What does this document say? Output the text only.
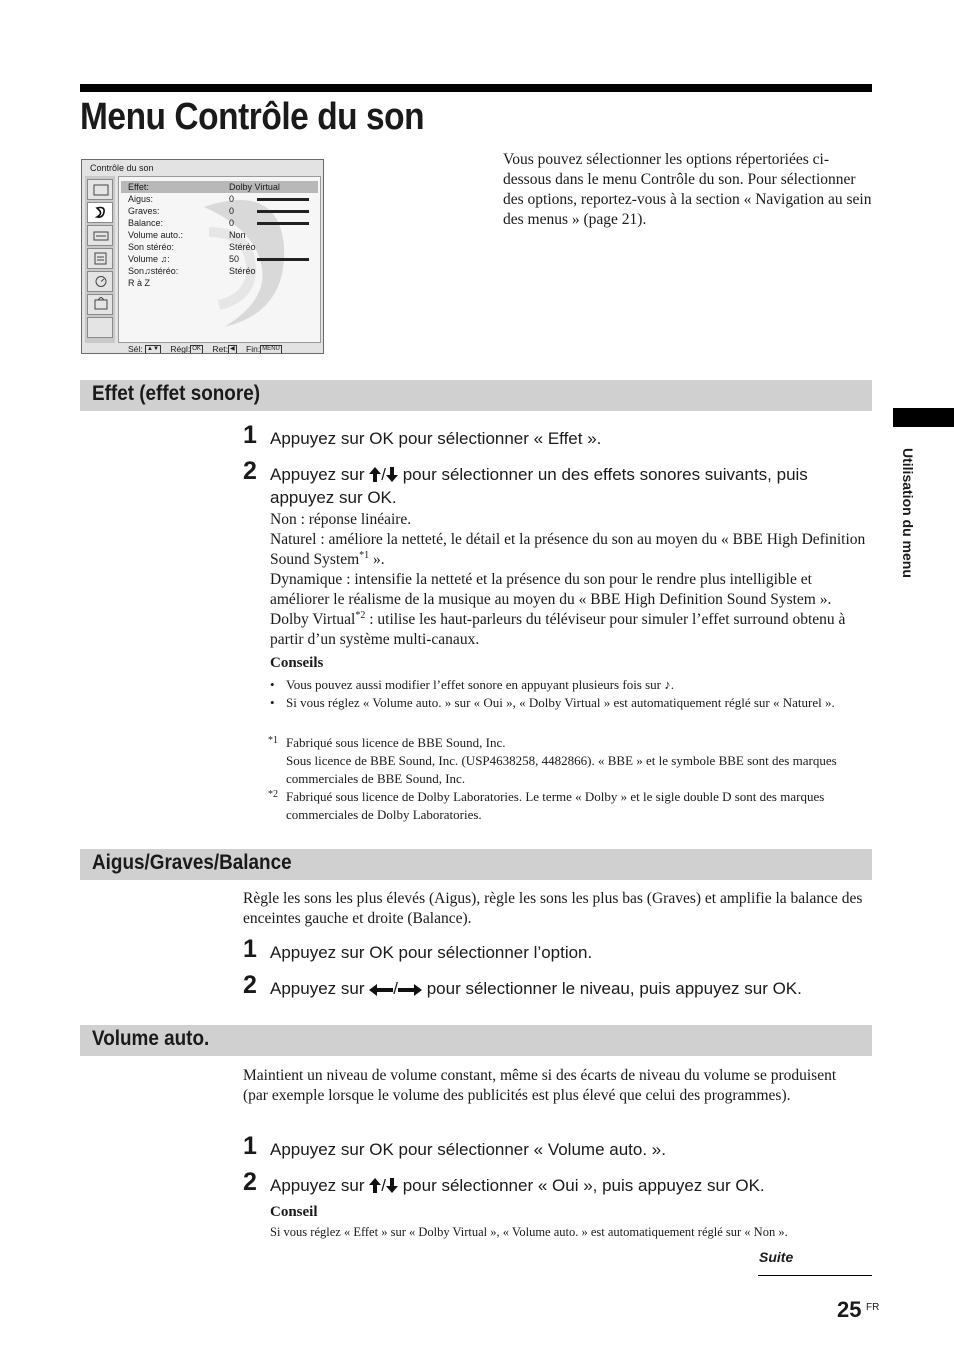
Menu Contrôle du son
Contrôle du son
Effet:	Dolby Virtual
Aigus:	0
Graves:	0
Balance:	0
Volume auto.:	Non
Son stéréo:	Stéréo
Volume ♫:	50
Son♫stéréo:	Stéréo
R à Z
Sél: ▲▼ Régl: OK Ret: ◀ Fin: MENU
Vous pouvez sélectionner les options répertoriées ci-dessous dans le menu Contrôle du son. Pour sélectionner des options, reportez-vous à la section « Navigation au sein des menus » (page 21).
Utilisation du menu
Effet (effet sonore)
1 Appuyez sur OK pour sélectionner « Effet ».
2 Appuyez sur / pour sélectionner un des effets sonores suivants, puis appuyez sur OK.
Non : réponse linéaire.
Naturel : améliore la netteté, le détail et la présence du son au moyen du « BBE High Definition Sound System$^{*1}$ ».
Dynamique : intensifie la netteté et la présence du son pour le rendre plus intelligible et améliorer le réalisme de la musique au moyen du « BBE High Definition Sound System ».
Dolby Virtual$^{*2}$ : utilise les haut-parleurs du téléviseur pour simuler l’effet surround obtenu à partir d’un système multi-canaux.
Conseils
• Vous pouvez aussi modifier l’effet sonore en appuyant plusieurs fois sur ♪.
• Si vous réglez « Volume auto. » sur « Oui », « Dolby Virtual » est automatiquement réglé sur « Naturel ».
*1 Fabriqué sous licence de BBE Sound, Inc.
Sous licence de BBE Sound, Inc. (USP4638258, 4482866). « BBE » et le symbole BBE sont des marques commerciales de BBE Sound, Inc.
*2 Fabriqué sous licence de Dolby Laboratories. Le terme « Dolby » et le sigle double D sont des marques commerciales de Dolby Laboratories.
Aigus/Graves/Balance
Règle les sons les plus élevés (Aigus), règle les sons les plus bas (Graves) et amplifie la balance des enceintes gauche et droite (Balance).
1 Appuyez sur OK pour sélectionner l’option.
2 Appuyez sur / pour sélectionner le niveau, puis appuyez sur OK.
Volume auto.
Maintient un niveau de volume constant, même si des écarts de niveau du volume se produisent (par exemple lorsque le volume des publicités est plus élevé que celui des programmes).
1 Appuyez sur OK pour sélectionner « Volume auto. ».
2 Appuyez sur / pour sélectionner « Oui », puis appuyez sur OK.
Conseil
Si vous réglez « Effet » sur « Dolby Virtual », « Volume auto. » est automatiquement réglé sur « Non ».
Suite
25 FR
